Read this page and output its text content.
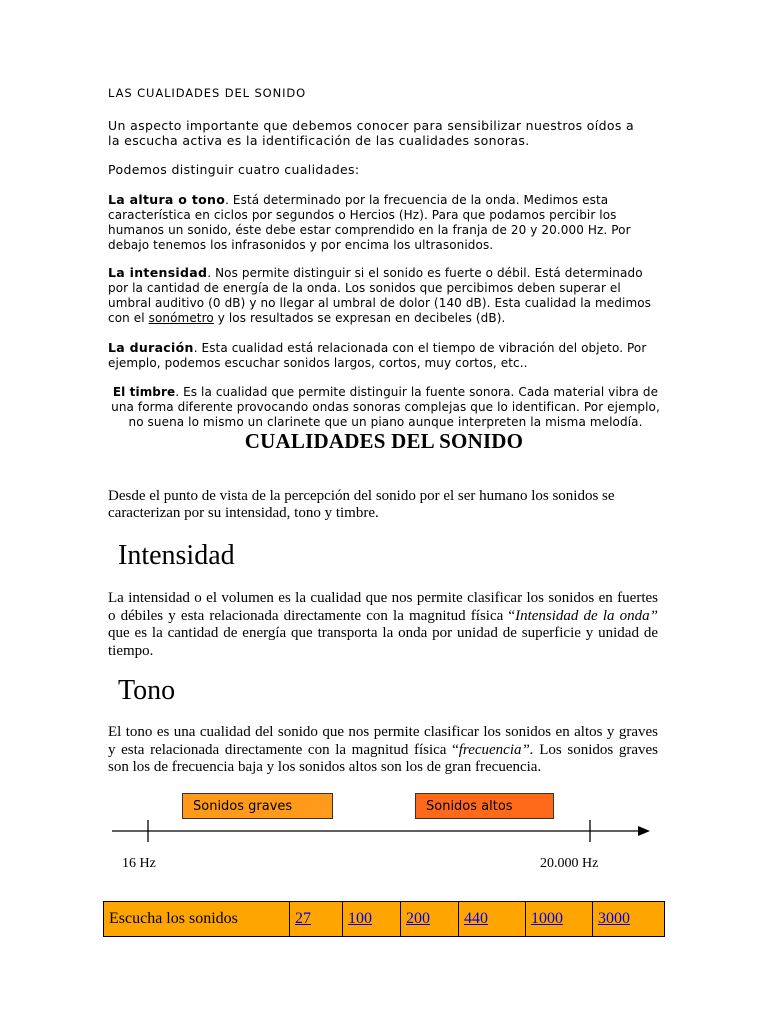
LAS CUALIDADES DEL SONIDO

Un aspecto importante que debemos conocer para sensibilizar nuestros oídos a la escucha activa es la identificación de las cualidades sonoras.

Podemos distinguir cuatro cualidades:

La altura o tono. Está determinado por la frecuencia de la onda. Medimos esta característica en ciclos por segundos o Hercios (Hz). Para que podamos percibir los humanos un sonido, éste debe estar comprendido en la franja de 20 y 20.000 Hz. Por debajo tenemos los infrasonidos y por encima los ultrasonidos.

La intensidad. Nos permite distinguir si el sonido es fuerte o débil. Está determinado por la cantidad de energía de la onda. Los sonidos que percibimos deben superar el umbral auditivo (0 dB) y no llegar al umbral de dolor (140 dB). Esta cualidad la medimos con el sonómetro y los resultados se expresan en decibeles (dB).

La duración. Esta cualidad está relacionada con el tiempo de vibración del objeto. Por ejemplo, podemos escuchar sonidos largos, cortos, muy cortos, etc..

El timbre. Es la cualidad que permite distinguir la fuente sonora. Cada material vibra de una forma diferente provocando ondas sonoras complejas que lo identifican. Por ejemplo, no suena lo mismo un clarinete que un piano aunque interpreten la misma melodía.

CUALIDADES DEL SONIDO

Desde el punto de vista de la percepción del sonido por el ser humano los sonidos se caracterizan por su intensidad, tono y timbre.

Intensidad

La intensidad o el volumen es la cualidad que nos permite clasificar los sonidos en fuertes o débiles y esta relacionada directamente con la magnitud física “Intensidad de la onda” que es la cantidad de energía que transporta la onda por unidad de superficie y unidad de tiempo.

Tono

El tono es una cualidad del sonido que nos permite clasificar los sonidos en altos y graves y esta relacionada directamente con la magnitud física “frecuencia”. Los sonidos graves son los de frecuencia baja y los sonidos altos son los de gran frecuencia.

Sonidos graves	Sonidos altos
16 Hz	20.000 Hz
Escucha los sonidos	27	100	200	440	1000	3000
